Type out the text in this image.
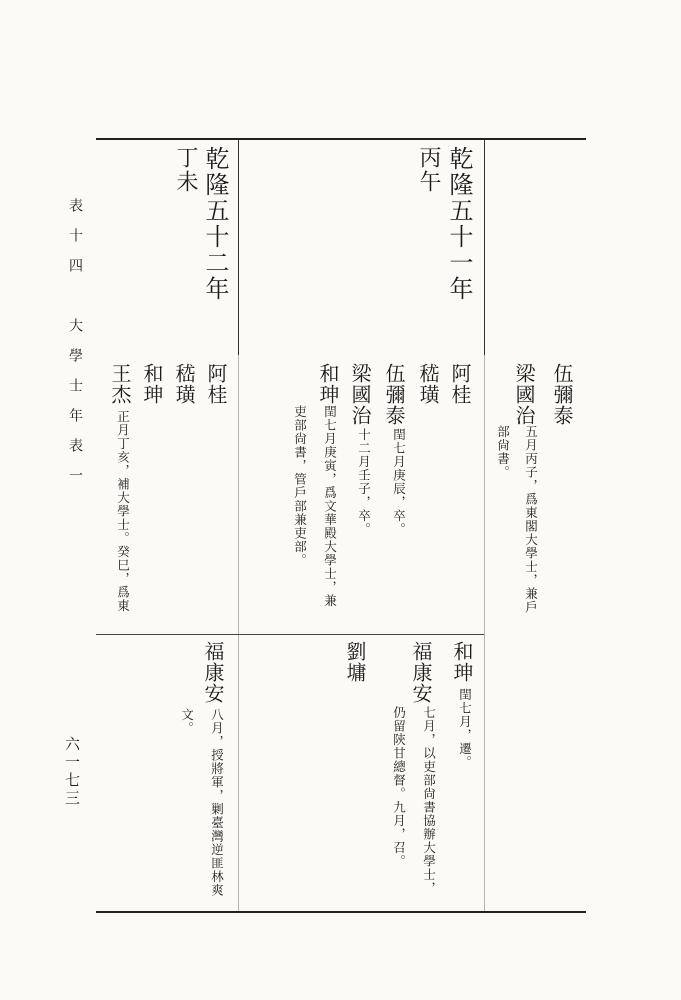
表十四　大學士年表一
六一七三
乾隆五十一年
丙午
乾隆五十二年
丁未
伍彌泰
梁國治
五月丙子，爲東閣大學士，兼戶
部尙書。
阿桂
嵇璜
伍彌泰
閏七月庚辰，卒。
梁國治
十二月壬子，卒。
和珅
閏七月庚寅，爲文華殿大學士，兼
吏部尙書，管戶部兼吏部。
和珅
閏七月，遷。
福康安
七月，以吏部尙書協辦大學士，
仍留陝甘總督。九月，召。
劉墉
阿桂
嵇璜
和珅
王杰
正月丁亥，補大學士。癸巳，爲東
福康安
八月，授將軍，剿臺灣逆匪林爽
文。
